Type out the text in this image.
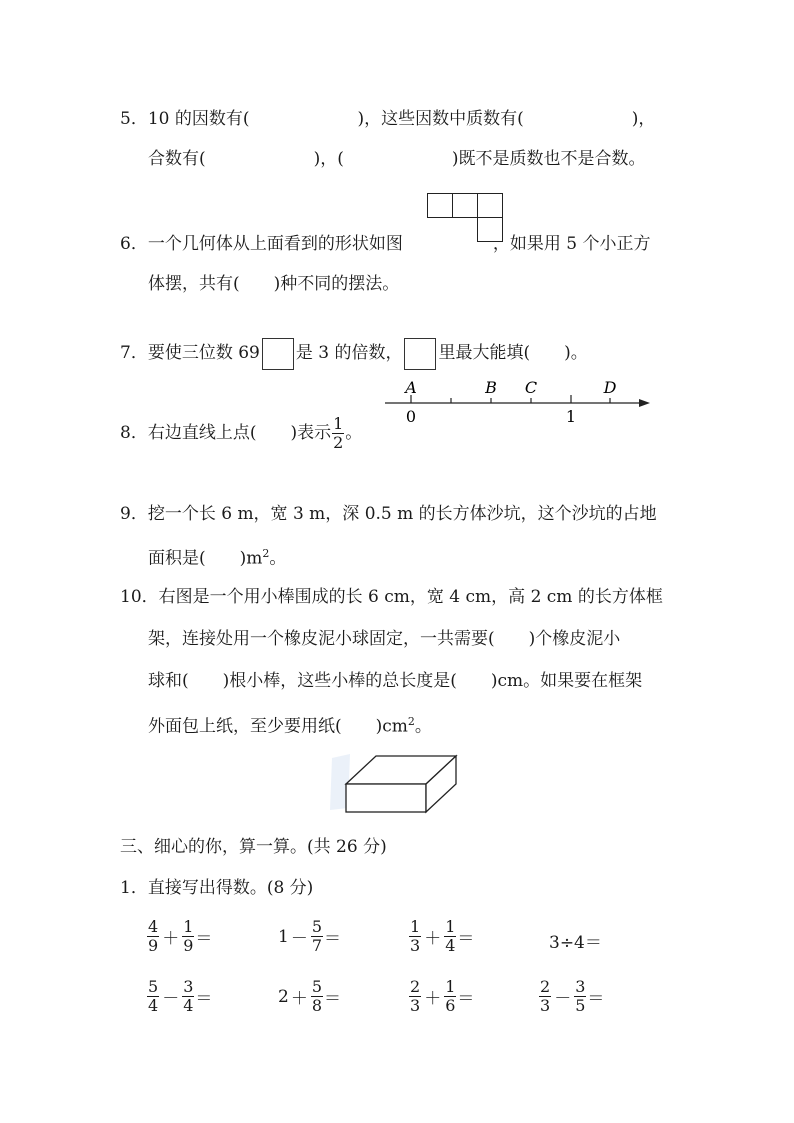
5．10 的因数有(	)，这些因数中质数有(	)，
合数有(	)，(	)既不是质数也不是合数。
6．一个几何体从上面看到的形状如图	，如果用 5 个小正方
体摆，共有(　　)种不同的摆法。
7．要使三位数 69 是 3 的倍数， 里最大能填(　　)。
8．右边直线上点(　　)表示 $\frac{1}{2}$ 。
A	B C	D
0	1
9．挖一个长 6 m，宽 3 m，深 0.5 m 的长方体沙坑，这个沙坑的占地
面积是(　　)$m^2$。
10．右图是一个用小棒围成的长 6 cm，宽 4 cm，高 2 cm 的长方体框
架，连接处用一个橡皮泥小球固定，一共需要(　　)个橡皮泥小
球和(　　)根小棒，这些小棒的总长度是(　　)cm。如果要在框架
外面包上纸，至少要用纸(　　)$cm^2$。
三、细心的你，算一算。(共 26 分)
1．直接写出得数。(8 分)
$\frac{4}{9} + \frac{1}{9}$ ＝	$1 - \frac{5}{7}$ ＝	$\frac{1}{3} + \frac{1}{4}$ ＝	3÷4＝
$\frac{5}{4} - \frac{3}{4}$ ＝	$2 + \frac{5}{8}$ ＝	$\frac{2}{3} + \frac{1}{6}$ ＝	$\frac{2}{3} - \frac{3}{5}$ ＝
